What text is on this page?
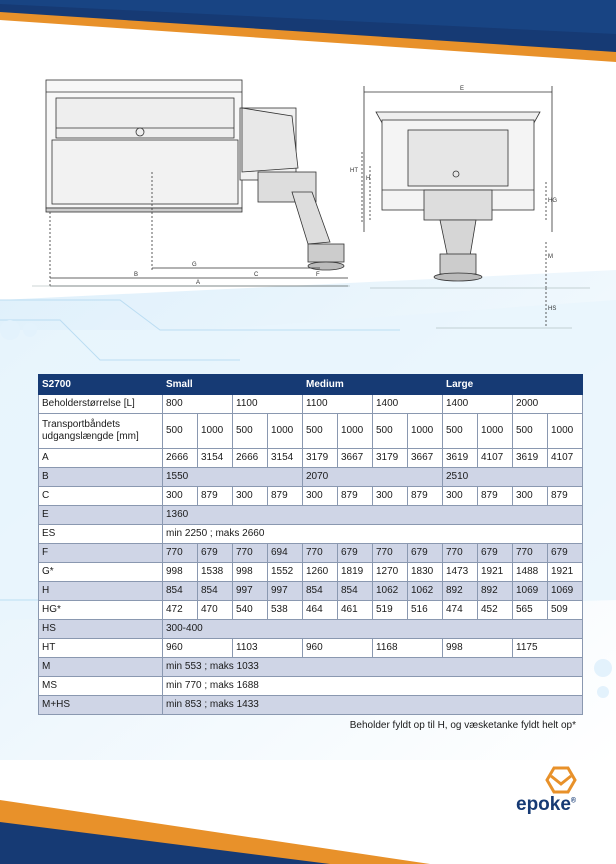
G
B
A
C	F
E
HT
H
HG
M
HS
S2700	Small				Medium				Large			
Beholderstørrelse [L]	800		1100		1100		1400		1400		2000	
Transportbåndets
udgangslængde [mm]	500	1000	500	1000	500	1000	500	1000	500	1000	500	1000
A	2666	3154	2666	3154	3179	3667	3179	3667	3619	4107	3619	4107
B	1550				2070				2510			
C	300	879	300	879	300	879	300	879	300	879	300	879
E	1360											
ES	min 2250 ; maks 2660											
F	770	679	770	694	770	679	770	679	770	679	770	679
G*	998	1538	998	1552	1260	1819	1270	1830	1473	1921	1488	1921
H	854	854	997	997	854	854	1062	1062	892	892	1069	1069
HG*	472	470	540	538	464	461	519	516	474	452	565	509
HS	300-400											
HT	960		1103		960		1168		998		1175	
M	min 553 ; maks 1033											
MS	min 770 ; maks 1688											
M+HS	min 853 ; maks 1433											
Beholder fyldt op til H, og væsketanke fyldt helt op*
epoke®
